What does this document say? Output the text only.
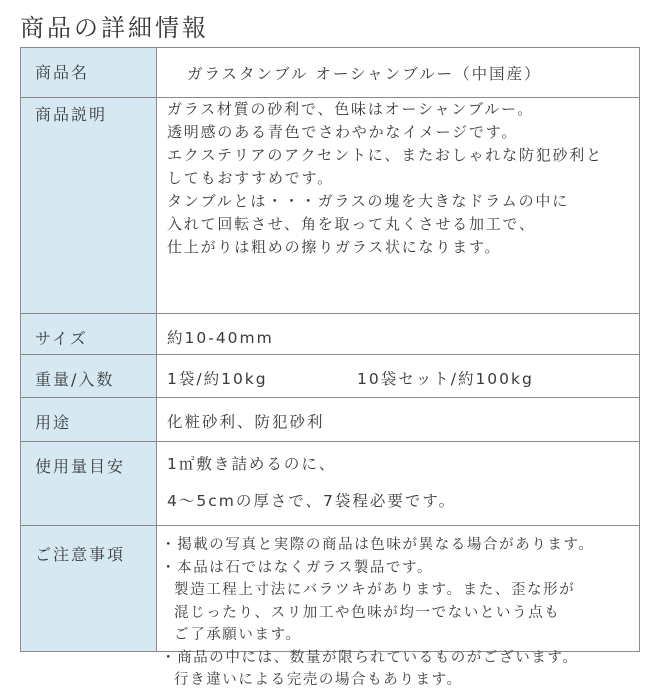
商品の詳細情報
商品名	ガラスタンブル オーシャンブルー（中国産）
商品説明	ガラス材質の砂利で、色味はオーシャンブルー。
透明感のある青色でさわやかなイメージです。
エクステリアのアクセントに、またおしゃれな防犯砂利と
してもおすすめです。
タンブルとは・・・ガラスの塊を大きなドラムの中に
入れて回転させ、角を取って丸くさせる加工で、
仕上がりは粗めの擦りガラス状になります。
サイズ	約10-40mm
重量/入数	1袋/約10kg	10袋セット/約100kg
用途	化粧砂利、防犯砂利
使用量目安	1㎡敷き詰めるのに、
4〜5cmの厚さで、7袋程必要です。
ご注意事項 ・掲載の写真と実際の商品は色味が異なる場合があります。
・本品は石ではなくガラス製品です。
製造工程上寸法にバラツキがあります。また、歪な形が
混じったり、スリ加工や色味が均一でないという点も
ご了承願います。
・商品の中には、数量が限られているものがございます。
行き違いによる完売の場合もあります。
